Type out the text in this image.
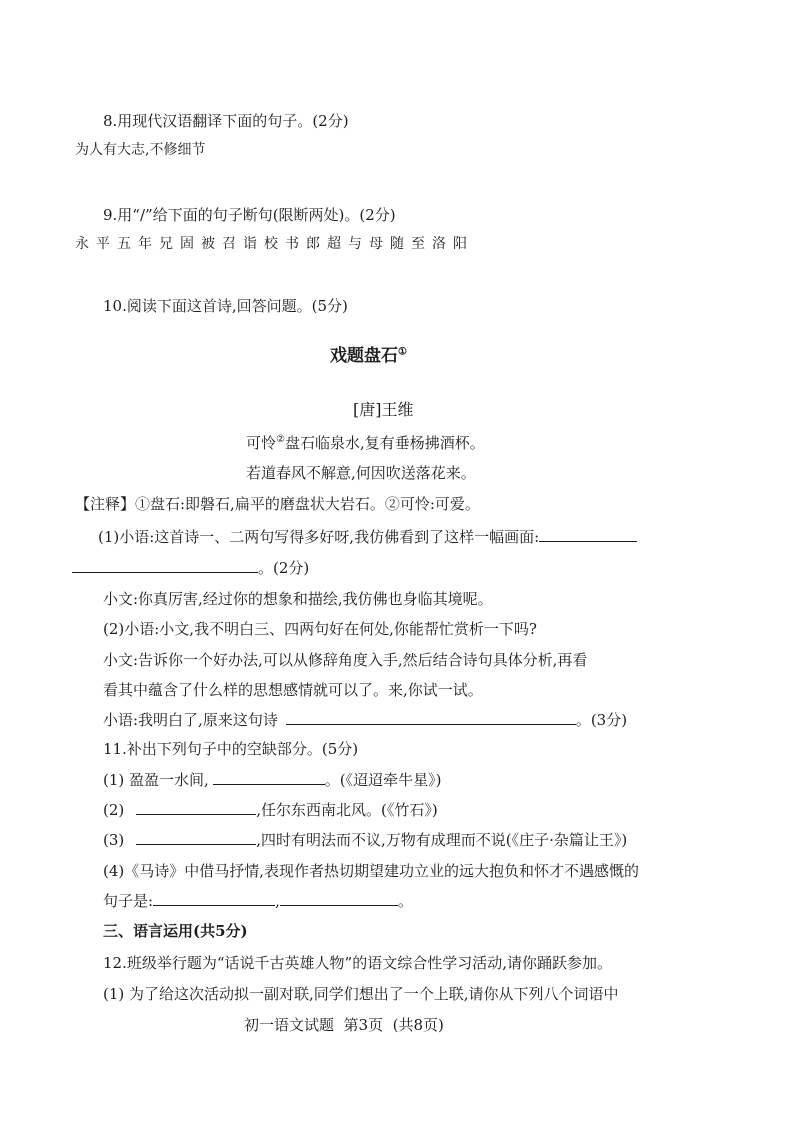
8.用现代汉语翻译下面的句子。(2分)
为人有大志,不修细节
9.用“/”给下面的句子断句(限断两处)。(2分)
永平五年兄固被召诣校书郎超与母随至洛阳
10.阅读下面这首诗,回答问题。(5分)
戏题盘石①
[唐]王维
可怜②盘石临泉水,复有垂杨拂酒杯。
若道春风不解意,何因吹送落花来。
【注释】①盘石:即磐石,扁平的磨盘状大岩石。②可怜:可爱。
(1)小语:这首诗一、二两句写得多好呀,我仿佛看到了这样一幅画面:
。(2分)
小文:你真厉害,经过你的想象和描绘,我仿佛也身临其境呢。
(2)小语:小文,我不明白三、四两句好在何处,你能帮忙赏析一下吗?
小文:告诉你一个好办法,可以从修辞角度入手,然后结合诗句具体分析,再看
看其中蕴含了什么样的思想感情就可以了。来,你试一试。
小语:我明白了,原来这句诗	。(3分)
11.补出下列句子中的空缺部分。(5分)
(1) 盈盈一水间,	。(《迢迢牵牛星》)
(2)	,任尔东西南北风。(《竹石》)
(3)	,四时有明法而不议,万物有成理而不说(《庄子·杂篇让王》)
(4)《马诗》中借马抒情,表现作者热切期望建功立业的远大抱负和怀才不遇感慨的
句子是:	,	。
三、语言运用(共5分)
12.班级举行题为“话说千古英雄人物”的语文综合性学习活动,请你踊跃参加。
(1) 为了给这次活动拟一副对联,同学们想出了一个上联,请你从下列八个词语中
初一语文试题  第3页  (共8页)
